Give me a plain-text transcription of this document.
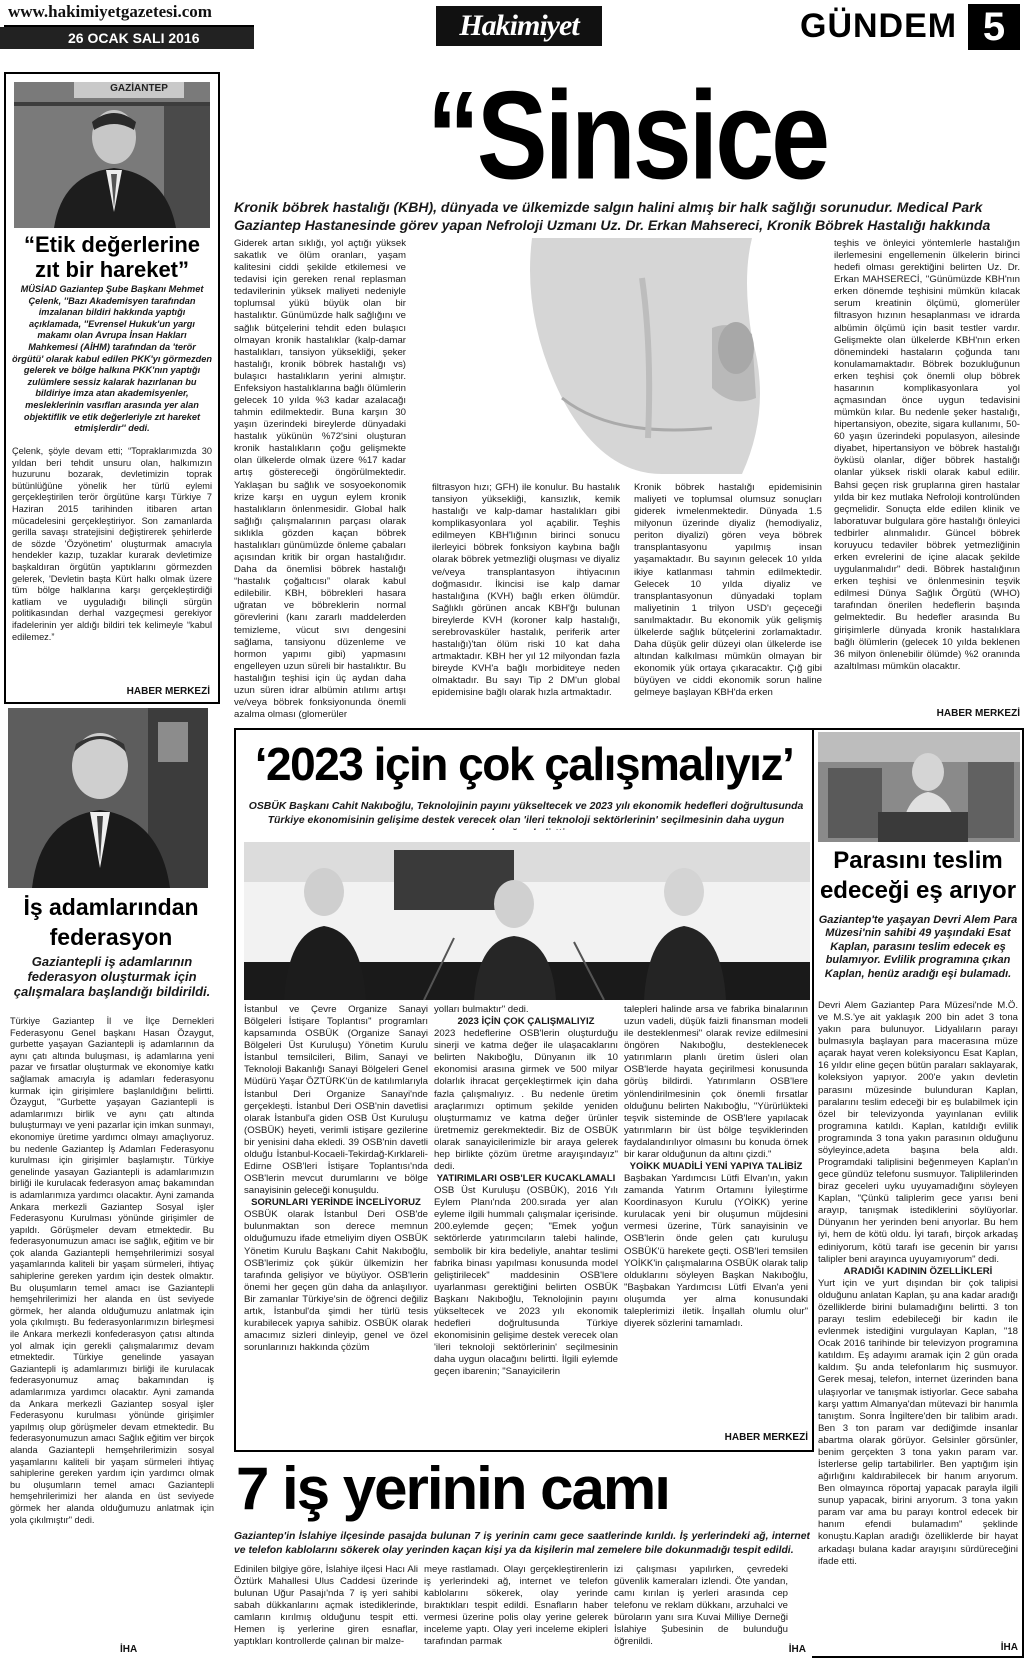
www.hakimiyetgazetesi.com
26 OCAK SALI 2016	Hakimiyet	GÜNDEM 5
GAZİANTEP
“Etik değerlerine
zıt bir hareket”
MÜSİAD Gaziantep Şube Başkanı Mehmet Çelenk, ''Bazı Akademisyen tarafından imzalanan bildiri hakkında yaptığı açıklamada, ''Evrensel Hukuk'un yargı makamı olan Avrupa İnsan Hakları Mahkemesi (AİHM) tarafından da 'terör örgütü' olarak kabul edilen PKK'yı görmezden gelerek ve bölge halkına PKK'nın yaptığı zulümlere sessiz kalarak hazırlanan bu bildiriye imza atan akademisyenler, mesleklerinin vasıfları arasında yer alan objektiflik ve etik değerleriyle zıt hareket etmişlerdir'' dedi.
Çelenk, şöyle devam etti; “Topraklarımızda 30 yıldan beri tehdit unsuru olan, halkımızın huzurunu bozarak, devletimizin toprak bütünlüğüne yönelik her türlü eylemi gerçekleştirilen terör örgütüne karşı Türkiye 7 Haziran 2015 tarihinden itibaren artan mücadelesini gerçekleştiriyor. Son zamanlarda gerilla savaşı stratejisini değiştirerek şehirlerde de sözde 'Özyönetim' oluşturmak amacıyla hendekler kazıp, tuzaklar kurarak devletimize başkaldıran örgütün yaptıklarını görmezden gelerek, 'Devletin başta Kürt halkı olmak üzere tüm bölge halklarına karşı gerçekleştirdiği katliam ve uyguladığı bilinçli sürgün politikasından derhal vazgeçmesi gerekiyor ifadelerinin yer aldığı bildiri tek kelimeyle “kabul edilemez.”
HABER MERKEZİ
İş adamlarından
federasyon
Gaziantepli iş adamlarının federasyon oluşturmak için çalışmalara başlandığı bildirildi.
Türkiye Gaziantep İl ve İlçe Dernekleri Federasyonu Genel başkanı Hasan Özaygut, gurbette yaşayan Gaziantepli iş adamlarının da aynı çatı altında buluşması, iş adamlarına yeni pazar ve fırsatlar oluşturmak ve ekonomiye katkı sağlamak amacıyla iş adamları federasyonu kurmak için girişimlere başlanıldığını belirtti. Özaygut, "Gurbette yaşayan Gaziantepli is adamlarımızı birlik ve aynı çatı altında buluşturmayı ve yeni pazarlar için imkan sunmayı, ekonomiye üretime yardımcı olmayı amaçlıyoruz. bu nedenle Gaziantep İş Adamları Federasyonu kurulması için girişimler başlamıştır. Türkiye genelinde yasayan Gaziantepli is adamlarımızın birliği ile kurulacak federasyon amaç bakamından is adamlarımıza yardımcı olacaktır. Ayni zamanda Ankara merkezli Gaziantep Sosyal işler Federasyonu Kurulması yönünde girişimler de yapıldı. Görüşmeler devam etmektedir. Bu federasyonumuzun amacı ise sağlık, eğitim ve bir çok alanda Gaziantepli hemşehrilerimizi sosyal yaşamlarında kaliteli bir yaşam sürmeleri, ihtiyaç sahiplerine gereken yardım için destek olmaktır. Bu oluşumların temel amacı ise Gaziantepli hemşehrilerimizi her alanda en üst seviyede görmek, her alanda olduğumuzu anlatmak için yola çıkılmıştı. Bu federasyonlarımızın birleşmesi ile Ankara merkezli konfederasyon çatısı altında yol almak için gerekli çalışmalarımız devam etmektedir. Türkiye genelinde yasayan Gaziantepli iş adamlarımızı birliği ile kurulacak federasyonumuz amaç bakamından iş adamlarımıza yardımcı olacaktır. Ayni zamanda da Ankara merkezli Gaziantep sosyal işler Federasyonu kurulması yönünde girişimler yapılmış olup görüşmeler devam etmektedir. Bu federasyonumuzun amacı Sağlık eğitim ver birçok alanda Gaziantepli hemşehrilerimizin sosyal yaşamlarını kaliteli bir yaşam sürmeleri ihtiyaç sahiplerine gereken yardım için yardımcı olmak bu oluşumların temel amacı Gaziantepli hemşehrilerimizi her alanda en üst seviyede görmek her alanda olduğumuzu anlatmak için yola çıkılmıştır" dedi.
İHA
“Sinsice
Kronik böbrek hastalığı (KBH), dünyada ve ülkemizde salgın halini almış bir halk sağlığı sorunudur. Medical Park Gaziantep Hastanesinde görev yapan Nefroloji Uzmanı Uz. Dr. Erkan Mahsereci, Kronik Böbrek Hastalığı hakkında
Giderek artan sıklığı, yol açtığı yüksek sakatlık ve ölüm oranları, yaşam kalitesini ciddi şekilde etkilemesi ve tedavisi için gereken renal replasman tedavilerinin yüksek maliyeti nedeniyle toplumsal yükü büyük olan bir hastalıktır. Günümüzde halk sağlığını ve sağlık bütçelerini tehdit eden bulaşıcı olmayan kronik hastalıklar (kalp-damar hastalıkları, tansiyon yüksekliği, şeker hastalığı, kronik böbrek hastalığı vs) bulaşıcı hastalıkların yerini almıştır. Enfeksiyon hastalıklarına bağlı ölümlerin gelecek 10 yılda %3 kadar azalacağı tahmin edilmektedir. Buna karşın 30 yaşın üzerindeki bireylerde dünyadaki hastalık yükünün %72'sini oluşturan kronik hastalıkların çoğu gelişmekte olan ülkelerde olmak üzere %17 kadar artış göstereceği öngörülmektedir. Yaklaşan bu sağlık ve sosyoekonomik krize karşı en uygun eylem kronik hastalıkların önlenmesidir. Global halk sağlığı çalışmalarının parçası olarak sıklıkla gözden kaçan böbrek hastalıkları günümüzde önleme çabaları açısından kritik bir organ hastalığıdır. Daha da önemlisi böbrek hastalığı “hastalık çoğaltıcısı” olarak kabul edilebilir. KBH, böbrekleri hasara uğratan ve böbreklerin normal görevlerini (kanı zararlı maddelerden temizleme, vücut sıvı dengesini sağlama, tansiyonu düzenleme ve hormon yapımı gibi) yapmasını engelleyen uzun süreli bir hastalıktır. Bu hastalığın teşhisi için üç aydan daha uzun süren idrar albümin atılımı artışı ve/veya böbrek fonksiyonunda önemli azalma olması (glomerüler
filtrasyon hızı; GFH) ile konulur. Bu hastalık tansiyon yüksekliği, kansızlık, kemik hastalığı ve kalp-damar hastalıkları gibi komplikasyonlara yol açabilir. Teşhis edilmeyen KBH'lığının birinci sonucu ilerleyici böbrek fonksiyon kaybına bağlı olarak böbrek yetmezliği oluşması ve diyaliz ve/veya transplantasyon ihtiyacının doğmasıdır. İkincisi ise kalp damar hastalığına (KVH) bağlı erken ölümdür. Sağlıklı görünen ancak KBH'ğı bulunan bireylerde KVH (koroner kalp hastalığı, serebrovasküler hastalık, periferik arter hastalığı)'tan ölüm riski 10 kat daha artmaktadır. KBH her yıl 12 milyondan fazla bireyde KVH'a bağlı morbiditeye neden olmaktadır. Bu sayı Tip 2 DM'un global epidemisine bağlı olarak hızla artmaktadır.
Kronik böbrek hastalığı epidemisinin maliyeti ve toplumsal olumsuz sonuçları giderek ivmelenmektedir. Dünyada 1.5 milyonun üzerinde diyaliz (hemodiyaliz, periton diyalizi) gören veya böbrek transplantasyonu yapılmış insan yaşamaktadır. Bu sayının gelecek 10 yılda ikiye katlanması tahmin edilmektedir. Gelecek 10 yılda diyaliz ve transplantasyonun dünyadaki toplam maliyetinin 1 trilyon USD'ı geçeceği sanılmaktadır. Bu ekonomik yük gelişmiş ülkelerde sağlık bütçelerini zorlamaktadır. Daha düşük gelir düzeyi olan ülkelerde ise altından kalkılması mümkün olmayan bir ekonomik yük ortaya çıkaracaktır. Çığ gibi büyüyen ve ciddi ekonomik sorun haline gelmeye başlayan KBH'da erken
teşhis ve önleyici yöntemlerle hastalığın ilerlemesini engellemenin ülkelerin birinci hedefi olması gerektiğini belirten Uz. Dr. Erkan MAHSERECİ, ''Günümüzde KBH'nın erken dönemde teşhisini mümkün kılacak serum kreatinin ölçümü, glomerüler filtrasyon hızının hesaplanması ve idrarda albümin ölçümü için basit testler vardır. Gelişmekte olan ülkelerde KBH'nın erken dönemindeki hastaların çoğunda tanı konulamamaktadır. Böbrek bozukluğunun erken teşhisi çok önemli olup böbrek hasarının komplikasyonlara yol açmasından önce uygun tedavisini mümkün kılar. Bu nedenle şeker hastalığı, hipertansiyon, obezite, sigara kullanımı, 50-60 yaşın üzerindeki populasyon, ailesinde diyabet, hipertansiyon ve böbrek hastalığı öyküsü olanlar, diğer böbrek hastalığı olanlar yüksek riskli olarak kabul edilir. Bahsi geçen risk gruplarına giren hastalar yılda bir kez mutlaka Nefroloji kontrolünden geçmelidir. Sonuçta elde edilen klinik ve laboratuvar bulgulara göre hastalığı önleyici tedbirler alınmalıdır. Güncel böbrek koruyucu tedaviler böbrek yetmezliğinin erken evrelerini de içine alacak şekilde uygulanmalıdır'' dedi. Böbrek hastalığının erken teşhisi ve önlenmesinin teşvik edilmesi Dünya Sağlık Örgütü (WHO) tarafından önerilen hedeflerin başında gelmektedir. Bu hedefler arasında Bu girişimlerle dünyada kronik hastalıklara bağlı ölümlerin (gelecek 10 yılda beklenen 36 milyon önlenebilir ölümde) %2 oranında azaltılması mümkün olacaktır.
HABER MERKEZİ
‘2023 için çok çalışmalıyız’
OSBÜK Başkanı Cahit Nakıboğlu, Teknolojinin payını yükseltecek ve 2023 yılı ekonomik hedefleri doğrultusunda Türkiye ekonomisinin gelişime destek verecek olan 'ileri teknoloji sektörlerinin' seçilmesinin daha uygun
İstanbul ve Çevre Organize Sanayi Bölgeleri İstişare Toplantısı" programları kapsamında OSBÜK (Organize Sanayi Bölgeleri Üst Kuruluşu) Yönetim Kurulu İstanbul temsilcileri, Bilim, Sanayi ve Teknoloji Bakanlığı Sanayi Bölgeleri Genel Müdürü Yaşar ÖZTÜRK'ün de katılımlarıyla İstanbul Deri Organize Sanayi'nde gerçekleşti. İstanbul Deri OSB'nin davetlisi olarak İstanbul'a giden OSB Üst Kuruluşu (OSBÜK) heyeti, verimli istişare gezilerine bir yenisini daha ekledi. 39 OSB'nin davetli olduğu İstanbul-Kocaeli-Tekirdağ-Kırklareli-Edirne OSB'leri İstişare Toplantısı'nda OSB'lerin mevcut durumlarını ve bölge sanayisinin geleceği konuşuldu.
SORUNLARI YERİNDE İNCELİYORUZ
OSBÜK olarak İstanbul Deri OSB'de bulunmaktan son derece memnun olduğumuzu ifade etmeliyim diyen OSBÜK Yönetim Kurulu Başkanı Cahit Nakıboğlu, OSB'lerimiz çok şükür ülkemizin her tarafında gelişiyor ve büyüyor. OSB'lerin önemi her geçen gün daha da anlaşılıyor. Bir zamanlar Türkiye'sin de öğrenci değiliz artık, İstanbul'da şimdi her türlü tesis kurabilecek yapıya sahibiz. OSBÜK olarak amacımız sizleri dinleyip, genel ve özel sorunlarınızı hakkında çözüm
yolları bulmaktır" dedi.
2023 İÇİN ÇOK ÇALIŞMALIYIZ
2023 hedeflerine OSB'lerin oluşturduğu sinerji ve katma değer ile ulaşacaklarını belirten Nakıboğlu, Dünyanın ilk 10 ekonomisi arasına girmek ve 500 milyar dolarlık ihracat gerçekleştirmek için daha fazla çalışmalıyız. . Bu nedenle üretim araçlarımızı optimum şekilde yeniden oluşturmamız ve katma değer ürünler üretmemiz gerekmektedir. Biz de OSBÜK olarak sanayicilerimizle bir araya gelerek hep birlikte çözüm üretme arayışındayız" dedi.
YATIRIMLARI OSB'LER KUCAKLAMALI
OSB Üst Kuruluşu (OSBÜK), 2016 Yılı Eylem Planı'nda 200.sırada yer alan eyleme ilgili hummalı çalışmalar içerisinde. 200.eylemde geçen; "Emek yoğun sektörlerde yatırımcıların talebi halinde, sembolik bir kira bedeliyle, anahtar teslimi fabrika binası yapılması konusunda model geliştirilecek" maddesinin OSB'lere uyarlanması gerektiğini belirten OSBÜK Başkanı Nakıboğlu, Teknolojinin payını yükseltecek ve 2023 yılı ekonomik hedefleri doğrultusunda Türkiye ekonomisinin gelişime destek verecek olan 'ileri teknoloji sektörlerinin' seçilmesinin daha uygun olacağını belirtti. İlgili eylemde geçen ibarenin; "Sanayicilerin
talepleri halinde arsa ve fabrika binalarının uzun vadeli, düşük faizli finansman modeli ile desteklenmesi" olarak revize edilmesini öngören Nakıboğlu, desteklenecek yatırımların planlı üretim üsleri olan OSB'lerde hayata geçirilmesi konusunda görüş bildirdi. Yatırımların OSB'lere yönlendirilmesinin çok önemli fırsatlar olduğunu belirten Nakıboğlu, "Yürürlükteki teşvik sisteminde de OSB'lere yapılacak yatırımların bir üst bölge teşviklerinden faydalandırılıyor olmasını bu konuda örnek bir karar olduğunun da altını çizdi."
YOİKK MUADİLİ YENİ YAPIYA TALİBİZ
Başbakan Yardımcısı Lütfi Elvan'ın, yakın zamanda Yatırım Ortamını İyileştirme Koordinasyon Kurulu (YOİKK) yerine kurulacak yeni bir oluşumun müjdesini vermesi üzerine, Türk sanayisinin ve OSB'lerin önde gelen çatı kuruluşu OSBÜK'ü harekete geçti. OSB'leri temsilen YOİKK'in çalışmalarına OSBÜK olarak talip olduklarını söyleyen Başkan Nakıboğlu, "Başbakan Yardımcısı Lütfi Elvan'a yeni oluşumda yer alma konusundaki taleplerimizi iletik. İnşallah olumlu olur" diyerek sözlerini tamamladı.
HABER MERKEZİ
Parasını teslim
edeceği eş arıyor
Gaziantep'te yaşayan Devri Alem Para Müzesi'nin sahibi 49 yaşındaki Esat Kaplan, parasını teslim edecek eş bulamıyor. Evlilik programına çıkan Kaplan, henüz aradığı eşi bulamadı.
Devri Alem Gaziantep Para Müzesi'nde M.Ö. ve M.S.'ye ait yaklaşık 200 bin adet 3 tona yakın para bulunuyor. Lidyalıların parayı bulmasıyla başlayan para macerasına müze açarak hayat veren koleksiyoncu Esat Kaplan, 16 yıldır eline geçen bütün paraları saklayarak, koleksiyon yapıyor. 200'e yakın devletin parasını müzesinde bulunduran Kaplan, paralarını teslim edeceği bir eş bulabilmek için özel bir televizyonda yayınlanan evlilik programına katıldı. Kaplan, katıldığı evlilik programında 3 tona yakın parasının olduğunu söyleyince,adeta başına bela aldı. Programdaki taliplisini beğenmeyen Kaplan'ın gece gündüz telefonu susmuyor. Taliplilerinden biraz geceleri uyku uyuyamadığını söyleyen Kaplan, "Çünkü taliplerim gece yarısı beni arayıp, tanışmak istediklerini söylüyorlar. Dünyanın her yerinden beni arıyorlar. Bu hem iyi, hem de kötü oldu. İyi tarafı, birçok arkadaş ediniyorum, kötü tarafı ise gecenin bir yarısı talipler beni arayınca uyuyamıyorum" dedi.
ARADIĞI KADININ ÖZELLİKLERİ
Yurt için ve yurt dışından bir çok talipisi olduğunu anlatan Kaplan, şu ana kadar aradığı özelliklerde birini bulamadığını belirtti. 3 ton parayı teslim edebileceği bir kadın ile evlenmek istediğini vurgulayan Kaplan, "18 Ocak 2016 tarihinde bir televizyon programına katıldım. Eş adayımı aramak için 2 gün orada kaldım. Şu anda telefonlarım hiç susmuyor. Gerek mesaj, telefon, internet üzerinden bana ulaşıyorlar ve tanışmak istiyorlar. Gece sabaha karşı yattım Almanya'dan mütevazi bir hanımla tanıştım. Sonra İngiltere'den bir talibim aradı. Ben 3 ton param var dediğimde insanlar abartma olarak görüyor. Gelsinler görsünler, benim gerçekten 3 tona yakın param var. İsterlerse gelip tartabilirler. Ben yaptığım işin ağırlığını kaldırabilecek bir hanım arıyorum. Ben olmayınca röportaj yapacak parayla ilgili sunup yapacak, birini arıyorum. 3 tona yakın param var ama bu parayı kontrol edecek bir hanım efendi bulamadım" şeklinde konuştu.Kaplan aradığı özelliklerde bir hayat arkadaşı bulana kadar arayışını sürdüreceğini ifade etti.
İHA
7 iş yerinin camı
Gaziantep'in İslahiye ilçesinde pasajda bulunan 7 iş yerinin camı gece saatlerinde kırıldı. İş yerlerindeki ağ, internet ve telefon kablolarını sökerek olay yerinden kaçan kişi ya da kişilerin mal zemelere bile dokunmadığı tespit edildi.
Edinilen bilgiye göre, İslahiye ilçesi Hacı Ali Öztürk Mahallesi Ulus Caddesi üzerinde bulunan Uğur Pasajı'nda 7 iş yeri sahibi sabah dükkanlarını açmak istediklerinde, camların kırılmış olduğunu tespit etti. Hemen iş yerlerine giren esnaflar, yaptıkları kontrollerde çalınan bir malze-
meye rastlamadı. Olayı gerçekleştirenlerin iş yerlerindeki ağ, internet ve telefon kablolarını sökerek, olay yerinde bıraktıkları tespit edildi. Esnafların haber vermesi üzerine polis olay yerine gelerek inceleme yaptı. Olay yeri inceleme ekipleri tarafından parmak
izi çalışması yapılırken, çevredeki güvenlik kameraları izlendi. Öte yandan, camı kırılan iş yerleri arasında cep telefonu ve reklam dükkanı, arzuhalci ve büroların yanı sıra Kuvai Milliye Derneği İslahiye Şubesinin de bulunduğu öğrenildi.
İHA
